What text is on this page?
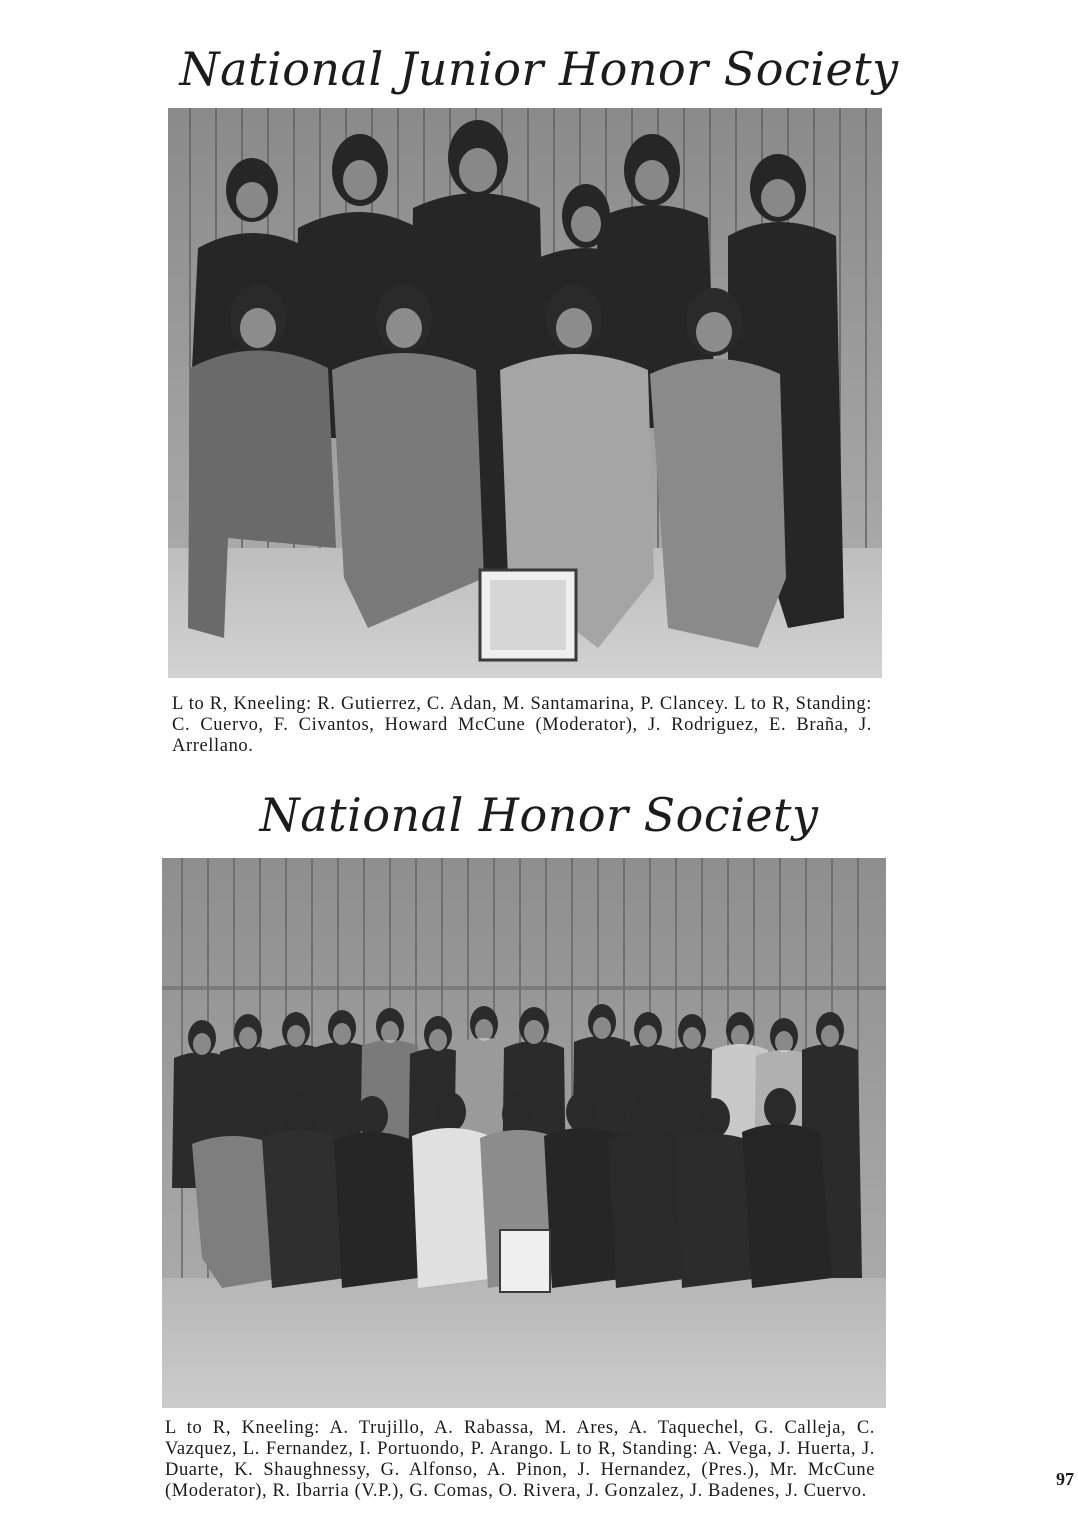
National Junior Honor Society

L to R, Kneeling: R. Gutierrez, C. Adan, M. Santamarina, P. Clancey. L to R, Standing: C. Cuervo, F. Civantos, Howard McCune (Moderator), J. Rodriguez, E. Braña, J. Arrellano.

National Honor Society

L to R, Kneeling: A. Trujillo, A. Rabassa, M. Ares, A. Taquechel, G. Calleja, C. Vazquez, L. Fernandez, I. Portuondo, P. Arango. L to R, Standing: A. Vega, J. Huerta, J. Duarte, K. Shaughnessy, G. Alfonso, A. Pinon, J. Hernandez, (Pres.), Mr. McCune (Moderator), R. Ibarria (V.P.), G. Comas, O. Rivera, J. Gonzalez, J. Badenes, J. Cuervo.

97
